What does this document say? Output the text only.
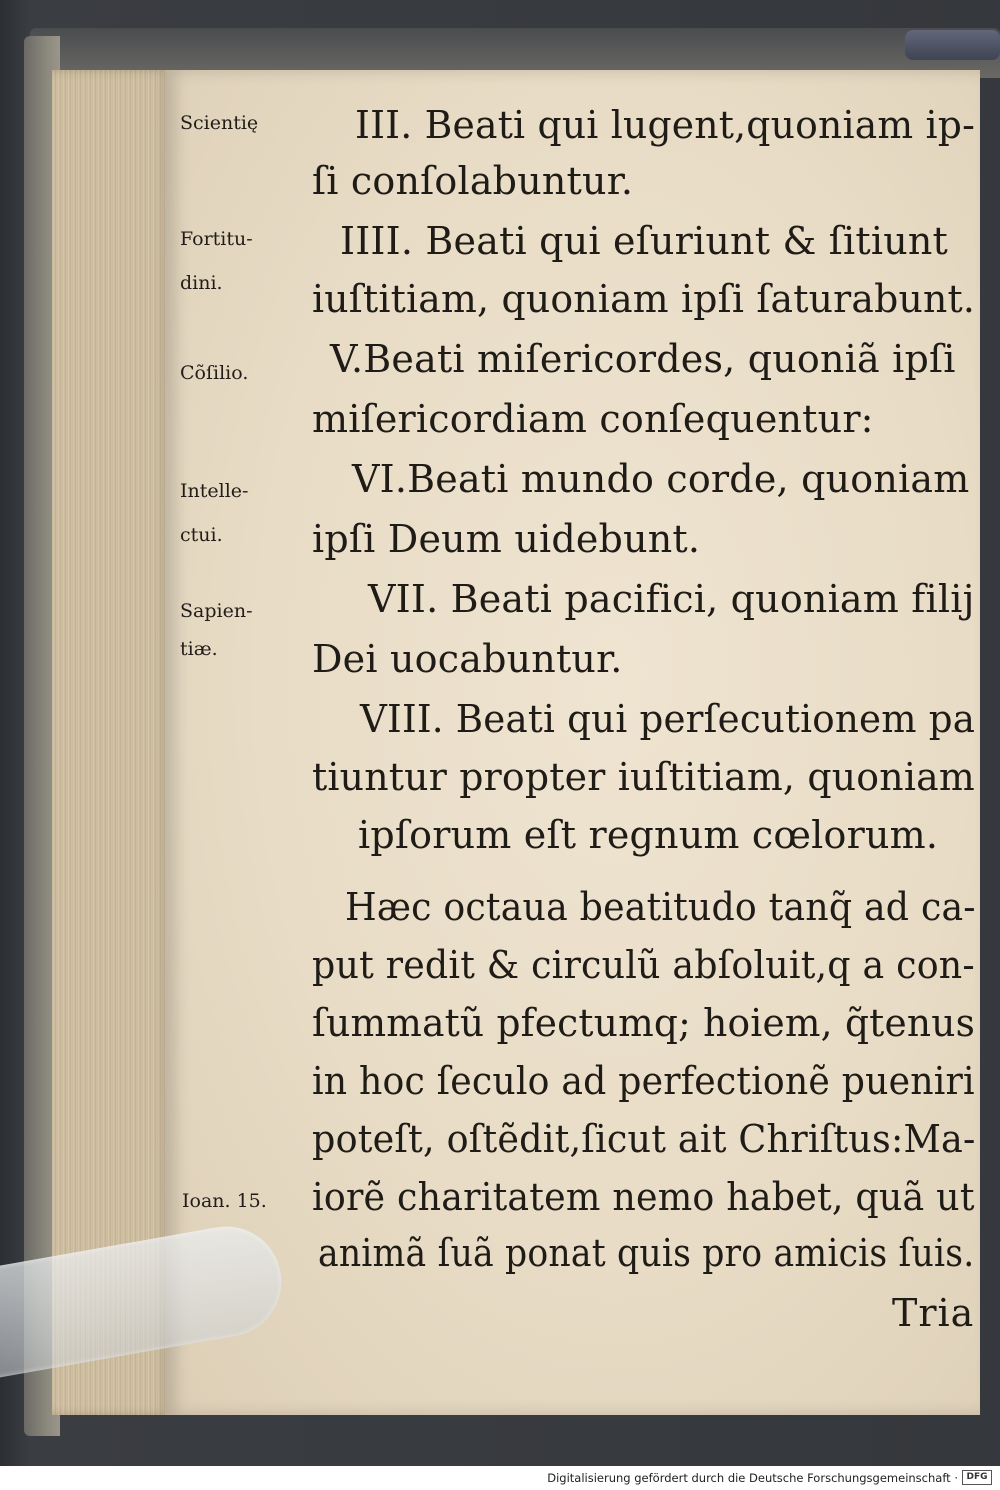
Scientię
Fortitu-
dini.
Cõſilio.
Intelle-
ctui.
Sapien-
tiæ.
Ioan. 15.
III. Beati qui lugent,quoniam ip-
ſi conſolabuntur.
IIII. Beati qui eſuriunt & ſitiunt
iuſtitiam, quoniam ipſi ſaturabunt.
V.Beati miſericordes, quoniã ipſi
miſericordiam conſequentur:
VI.Beati mundo corde, quoniam
ipſi Deum uidebunt.
VII. Beati pacifici, quoniam filij
Dei uocabuntur.
VIII. Beati qui perſecutionem pa
tiuntur propter iuſtitiam, quoniam
ipſorum eſt regnum cœlorum.
Hæc octaua beatitudo tanq̃ ad ca-
put redit & circulũ abſoluit,q a con-
ſummatũ pfectumq; hoiem, q̃tenus
in hoc ſeculo ad perfectionẽ pueniri
poteſt, oſtẽdit,ſicut ait Chriſtus:Ma-
iorẽ charitatem nemo habet, quã ut
animã ſuã ponat quis pro amicis ſuis.
Tria
Digitalisierung gefördert durch die Deutsche Forschungsgemeinschaft · DFG
